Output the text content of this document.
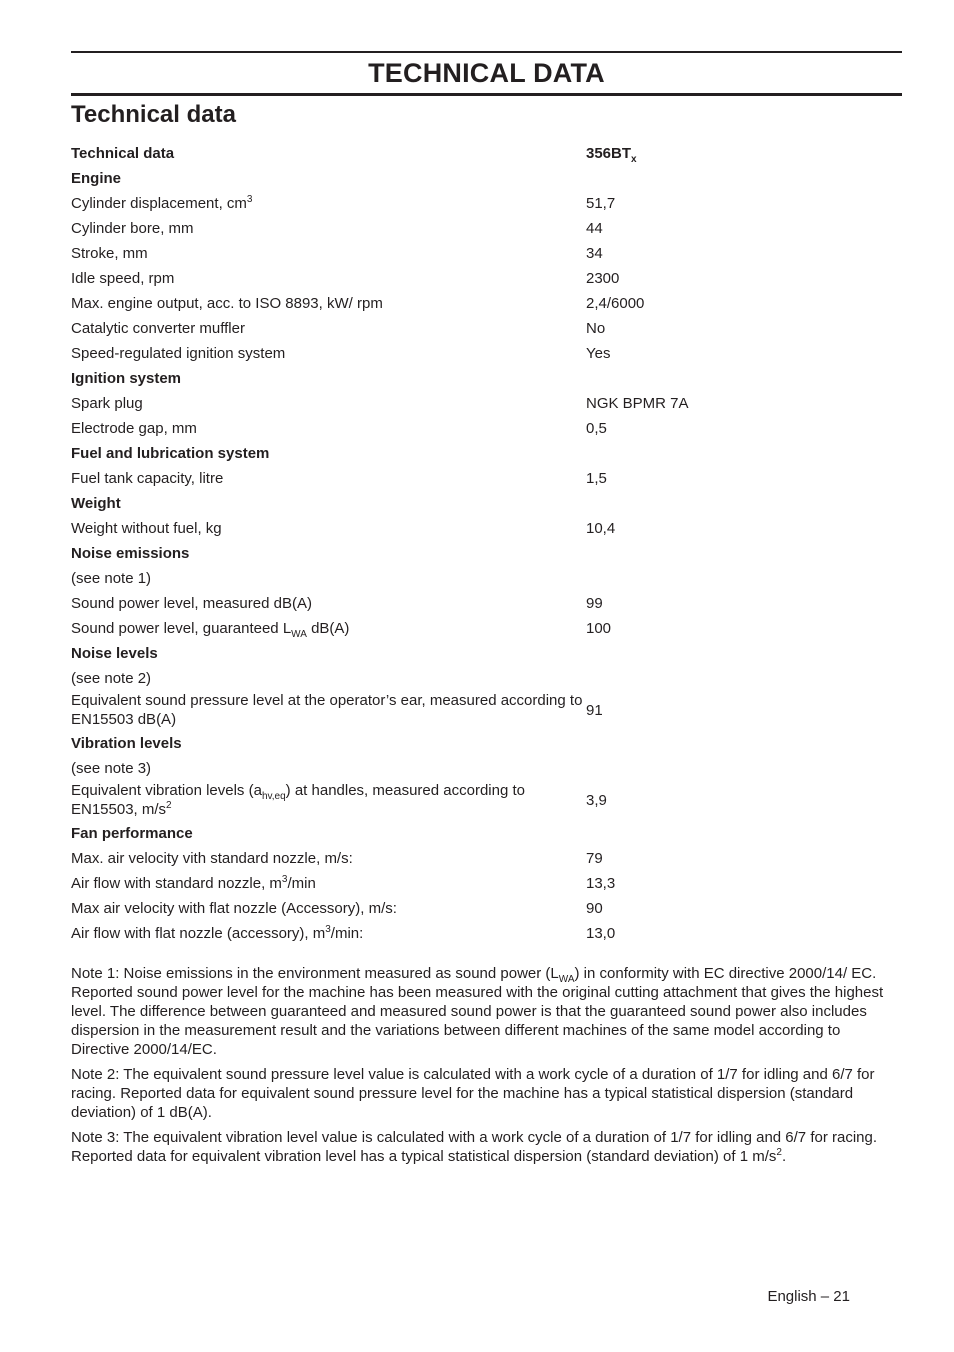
TECHNICAL DATA
Technical data
Technical data	$356BT_x$
Engine
Cylinder displacement, $cm^3$	51,7
Cylinder bore, mm	44
Stroke, mm	34
Idle speed, rpm	2300
Max. engine output, acc. to ISO 8893, kW/ rpm	2,4/6000
Catalytic converter muffler	No
Speed-regulated ignition system	Yes
Ignition system
Spark plug	NGK BPMR 7A
Electrode gap, mm	0,5
Fuel and lubrication system
Fuel tank capacity, litre	1,5
Weight
Weight without fuel, kg	10,4
Noise emissions
(see note 1)
Sound power level, measured dB(A)	99
Sound power level, guaranteed $L_{WA}$ dB(A)	100
Noise levels
(see note 2)
Equivalent sound pressure level at the operator’s ear, measured according to EN15503 dB(A)	91
Vibration levels
(see note 3)
Equivalent vibration levels $(a_{hv,eq})$ at handles, measured according to EN15503, $m/s^2$	3,9
Fan performance
Max. air velocity vith standard nozzle, m/s:	79
Air flow with standard nozzle, $m^3/\min$	13,3
Max air velocity with flat nozzle (Accessory), m/s:	90
Air flow with flat nozzle (accessory), $m^3/\min$:	13,0

Note 1: Noise emissions in the environment measured as sound power $(L_{WA})$ in conformity with EC directive 2000/14/ EC. Reported sound power level for the machine has been measured with the original cutting attachment that gives the highest level. The difference between guaranteed and measured sound power is that the guaranteed sound power also includes dispersion in the measurement result and the variations between different machines of the same model according to Directive 2000/14/EC.

Note 2: The equivalent sound pressure level value is calculated with a work cycle of a duration of 1/7 for idling and 6/7 for racing. Reported data for equivalent sound pressure level for the machine has a typical statistical dispersion (standard deviation) of 1 dB(A).

Note 3: The equivalent vibration level value is calculated with a work cycle of a duration of 1/7 for idling and 6/7 for racing. Reported data for equivalent vibration level has a typical statistical dispersion (standard deviation) of 1 $m/s^2$.

English – 21
